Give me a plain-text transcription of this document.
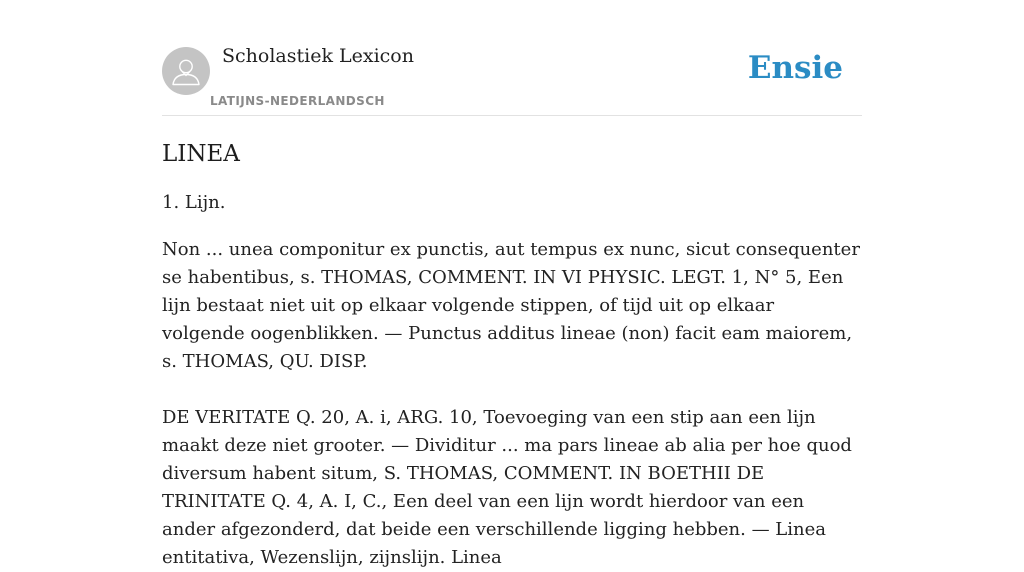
Scholastiek Lexicon
LATIJNS-NEDERLANDSCH
Ensie
LINEA

1. Lijn.

Non ... unea componitur ex punctis, aut tempus ex nunc, sicut consequenter se habentibus, s. THOMAS, COMMENT. IN VI PHYSIC. LEGT. 1, N° 5, Een lijn bestaat niet uit op elkaar volgende stippen, of tijd uit op elkaar volgende oogenblikken. — Punctus additus lineae (non) facit eam maiorem, s. THOMAS, QU. DISP.

DE VERITATE Q. 20, A. i, ARG. 10, Toevoeging van een stip aan een lijn maakt deze niet grooter. — Dividitur ... ma pars lineae ab alia per hoe quod diversum habent situm, S. THOMAS, COMMENT. IN BOETHII DE TRINITATE Q. 4, A. I, C., Een deel van een lijn wordt hierdoor van een ander afgezonderd, dat beide een verschillende ligging hebben. — Linea entitativa, Wezenslijn, zijnslijn. Linea
